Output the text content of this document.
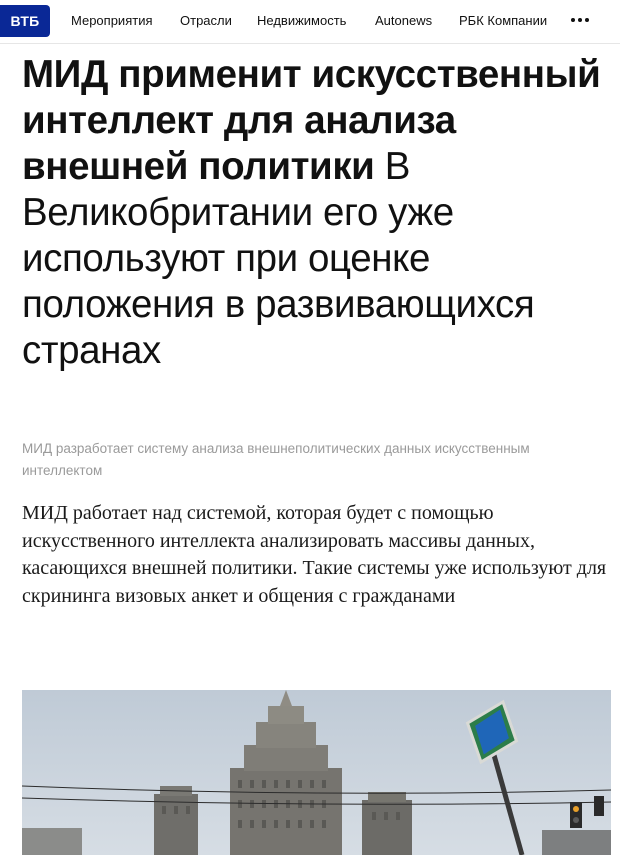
ВТБ	Мероприятия Отрасли Недвижимость Autonews РБК Компании
МИД применит искусственный интеллект для анализа внешней политики В Великобритании его уже используют при оценке положения в развивающихся странах

МИД разработает систему анализа внешнеполитических данных искусственным интеллектом

МИД работает над системой, которая будет с помощью искусственного интеллекта анализировать массивы данных, касающихся внешней политики. Такие системы уже используют для скрининга визовых анкет и общения с гражданами
